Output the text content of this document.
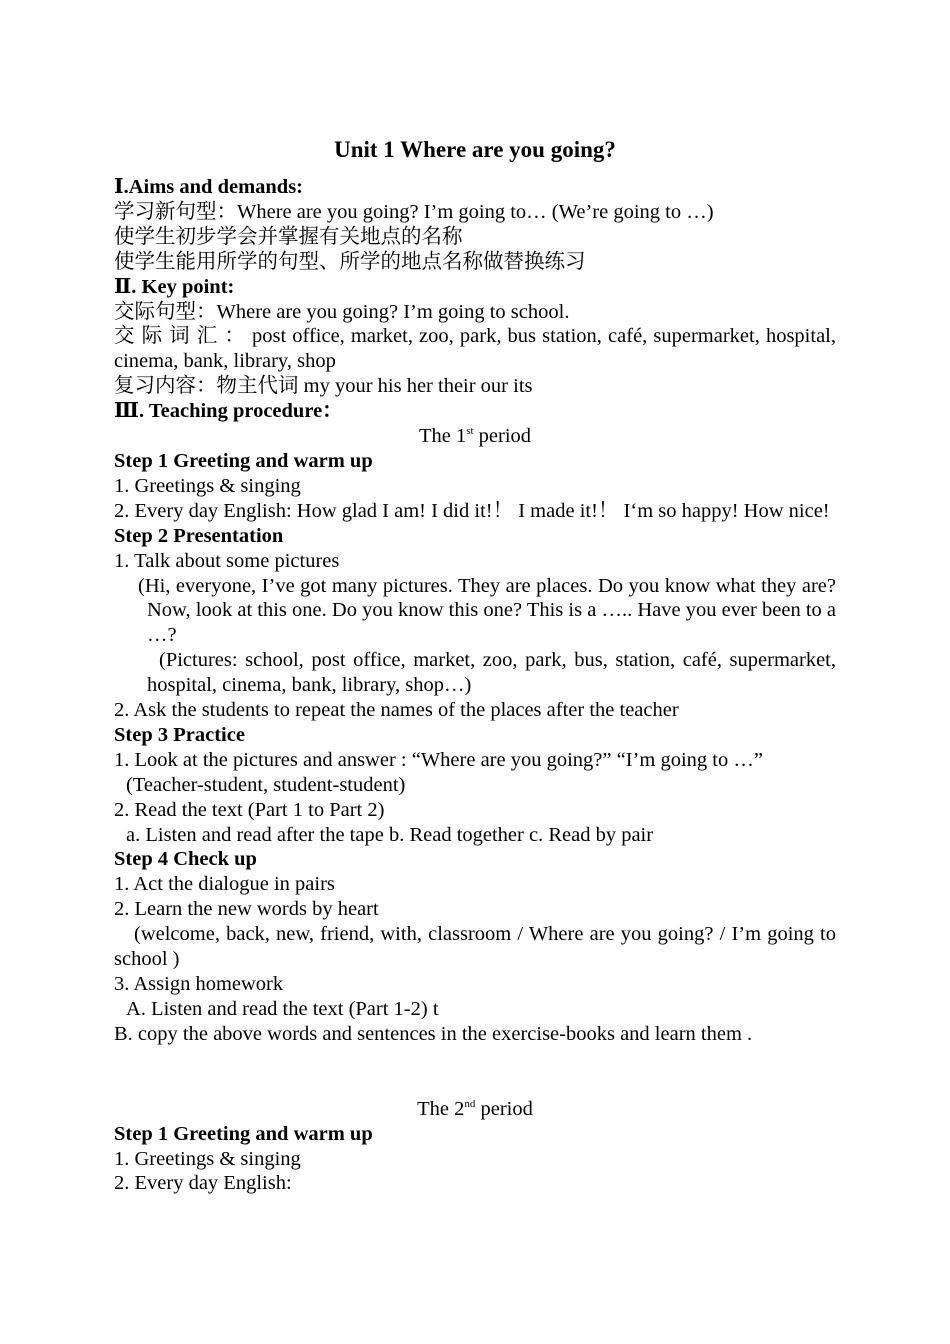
Unit 1 Where are you going?
Ⅰ.Aims and demands:
学习新句型：Where are you going? I’m going to… (We’re going to …)
使学生初步学会并掌握有关地点的名称
使学生能用所学的句型、所学的地点名称做替换练习
Ⅱ. Key point:
交际句型：Where are you going? I’m going to school.
交 际 词 汇 ： post office, market, zoo, park, bus station, café, supermarket, hospital, cinema, bank, library, shop
复习内容：物主代词 my your his her their our its
Ⅲ. Teaching procedure：
The 1st period
Step 1 Greeting and warm up
1. Greetings & singing
2. Every day English: How glad I am! I did it!！ I made it!！ I‘m so happy! How nice!
Step 2 Presentation
1. Talk about some pictures
(Hi, everyone, I’ve got many pictures. They are places. Do you know what they are? Now, look at this one. Do you know this one? This is a ….. Have you ever been to a …?
(Pictures: school, post office, market, zoo, park, bus, station, café, supermarket, hospital, cinema, bank, library, shop…)
2. Ask the students to repeat the names of the places after the teacher
Step 3 Practice
1. Look at the pictures and answer : “Where are you going?” “I’m going to …”
(Teacher-student, student-student)
2. Read the text (Part 1 to Part 2)
a. Listen and read after the tape b. Read together c. Read by pair
Step 4 Check up
1. Act the dialogue in pairs
2. Learn the new words by heart
(welcome, back, new, friend, with, classroom / Where are you going? / I’m going to school )
3. Assign homework
A. Listen and read the text (Part 1-2) t
B. copy the above words and sentences in the exercise-books and learn them .
The 2nd period
Step 1 Greeting and warm up
1. Greetings & singing
2. Every day English:
